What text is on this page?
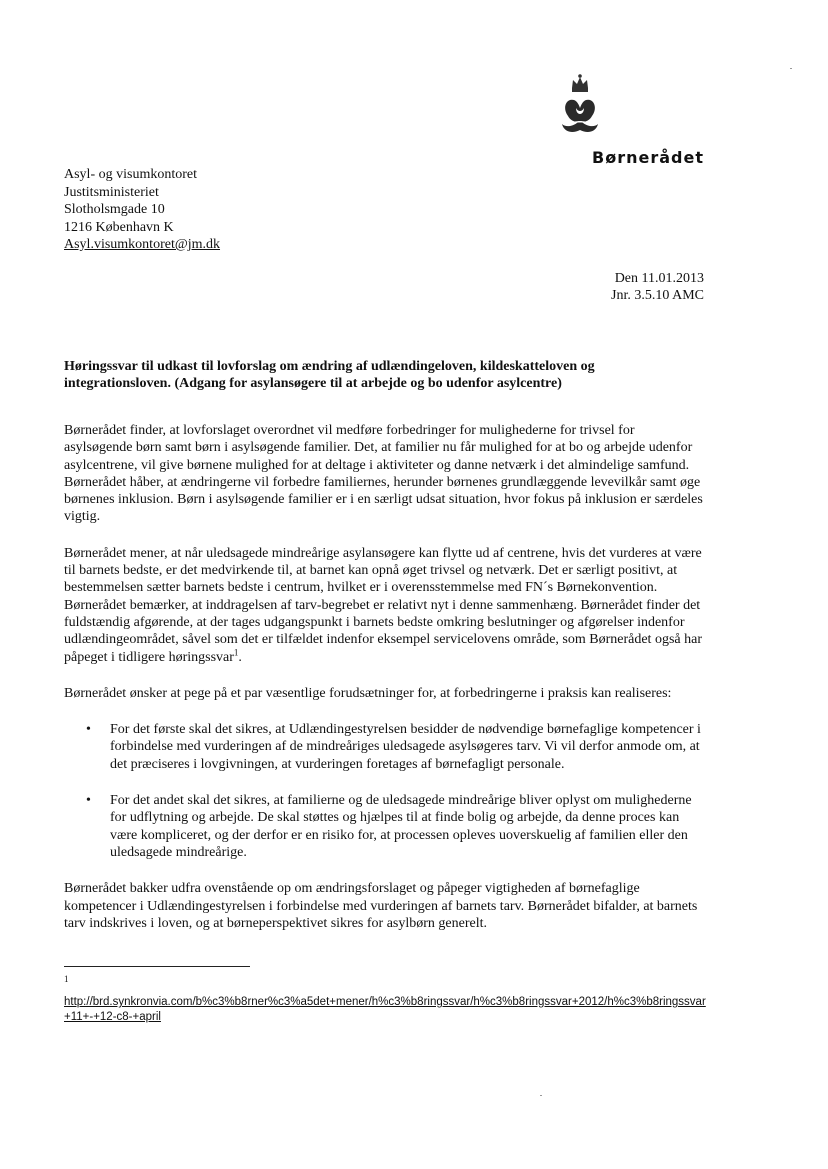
Børnerådet
Asyl- og visumkontoret
Justitsministeriet
Slotholsmgade 10
1216 København K
Asyl.visumkontoret@jm.dk
Den 11.01.2013
Jnr. 3.5.10 AMC
Høringssvar til udkast til lovforslag om ændring af udlændingeloven, kildeskatteloven og integrationsloven. (Adgang for asylansøgere til at arbejde og bo udenfor asylcentre)

Børnerådet finder, at lovforslaget overordnet vil medføre forbedringer for mulighederne for trivsel for asylsøgende børn samt børn i asylsøgende familier. Det, at familier nu får mulighed for at bo og arbejde udenfor asylcentrene, vil give børnene mulighed for at deltage i aktiviteter og danne netværk i det almindelige samfund. Børnerådet håber, at ændringerne vil forbedre familiernes, herunder børnenes grundlæggende levevilkår samt øge børnenes inklusion. Børn i asylsøgende familier er i en særligt udsat situation, hvor fokus på inklusion er særdeles vigtig.

Børnerådet mener, at når uledsagede mindreårige asylansøgere kan flytte ud af centrene, hvis det vurderes at være til barnets bedste, er det medvirkende til, at barnet kan opnå øget trivsel og netværk. Det er særligt positivt, at bestemmelsen sætter barnets bedste i centrum, hvilket er i overensstemmelse med FN´s Børnekonvention. Børnerådet bemærker, at inddragelsen af tarv-begrebet er relativt nyt i denne sammenhæng. Børnerådet finder det fuldstændig afgørende, at der tages udgangspunkt i barnets bedste omkring beslutninger og afgørelser indenfor udlændingeområdet, såvel som det er tilfældet indenfor eksempel servicelovens område, som Børnerådet også har påpeget i tidligere høringssvar$^1$.

Børnerådet ønsker at pege på et par væsentlige forudsætninger for, at forbedringerne i praksis kan realiseres:

• For det første skal det sikres, at Udlændingestyrelsen besidder de nødvendige børnefaglige kompetencer i forbindelse med vurderingen af de mindreåriges uledsagede asylsøgeres tarv. Vi vil derfor anmode om, at det præciseres i lovgivningen, at vurderingen foretages af børnefagligt personale.
• For det andet skal det sikres, at familierne og de uledsagede mindreårige bliver oplyst om mulighederne for udflytning og arbejde. De skal støttes og hjælpes til at finde bolig og arbejde, da denne proces kan være kompliceret, og der derfor er en risiko for, at processen opleves uoverskuelig af familien eller den uledsagede mindreårige.

Børnerådet bakker udfra ovenstående op om ændringsforslaget og påpeger vigtigheden af børnefaglige kompetencer i Udlændingestyrelsen i forbindelse med vurderingen af barnets tarv. Børnerådet bifalder, at barnets tarv indskrives i loven, og at børneperspektivet sikres for asylbørn generelt.

1
http://brd.synkronvia.com/b%c3%b8rner%c3%a5det+mener/h%c3%b8ringssvar/h%c3%b8ringssvar+2012/h%c3%b8ringssvar+11+-+12-c8-+april
